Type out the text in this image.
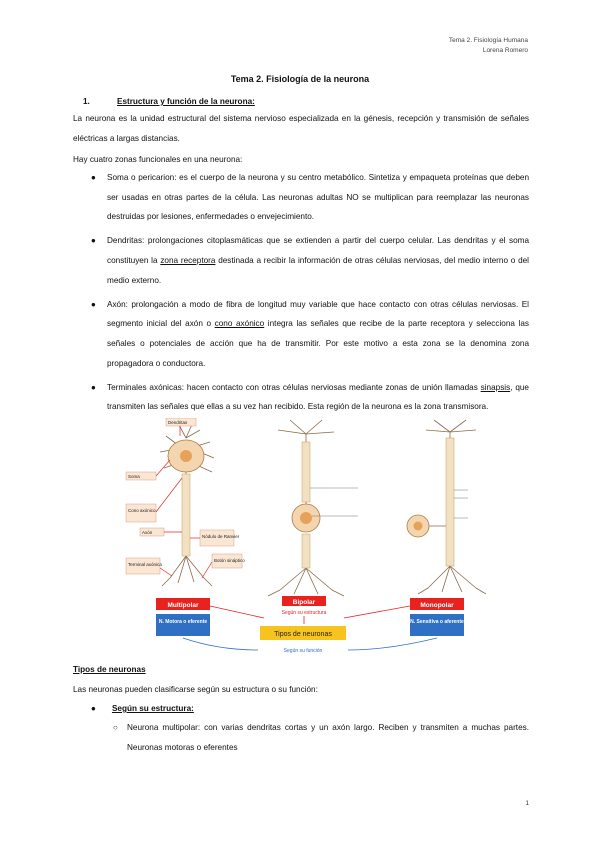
Tema 2. Fisiología Humana
Lorena Romero
Tema 2. Fisiología de la neurona
1.	Estructura y función de la neurona:
La neurona es la unidad estructural del sistema nervioso especializada en la génesis, recepción y transmisión de señales eléctricas a largas distancias.
Hay cuatro zonas funcionales en una neurona:
● Soma o pericarion: es el cuerpo de la neurona y su centro metabólico. Sintetiza y empaqueta proteínas que deben ser usadas en otras partes de la célula. Las neuronas adultas NO se multiplican para reemplazar las neuronas destruidas por lesiones, enfermedades o envejecimiento.
● Dendritas: prolongaciones citoplasmáticas que se extienden a partir del cuerpo celular. Las dendritas y el soma constituyen la zona receptora destinada a recibir la información de otras células nerviosas, del medio interno o del medio externo.
● Axón: prolongación a modo de fibra de longitud muy variable que hace contacto con otras células nerviosas. El segmento inicial del axón o cono axónico integra las señales que recibe de la parte receptora y selecciona las señales o potenciales de acción que ha de transmitir. Por este motivo a esta zona se la denomina zona propagadora o conductora.
● Terminales axónicas: hacen contacto con otras células nerviosas mediante zonas de unión llamadas sinapsis, que transmiten las señales que ellas a su vez han recibido. Esta región de la neurona es la zona transmisora.
Dendritas
Soma
Cono axónico
Axón
Nódulo de Ranvier
Botón sináptico
Terminal axónica
Multipolar	Bipolar	Monopolar
Según su estructura
N. Motora o eferente	N. Sensitiva o aferente
Tipos de neuronas
Según su función
Tipos de neuronas
Las neuronas pueden clasificarse según su estructura o su función:
● Según su estructura:
○ Neurona multipolar: con varias dendritas cortas y un axón largo. Reciben y transmiten a muchas partes. Neuronas motoras o eferentes
1
